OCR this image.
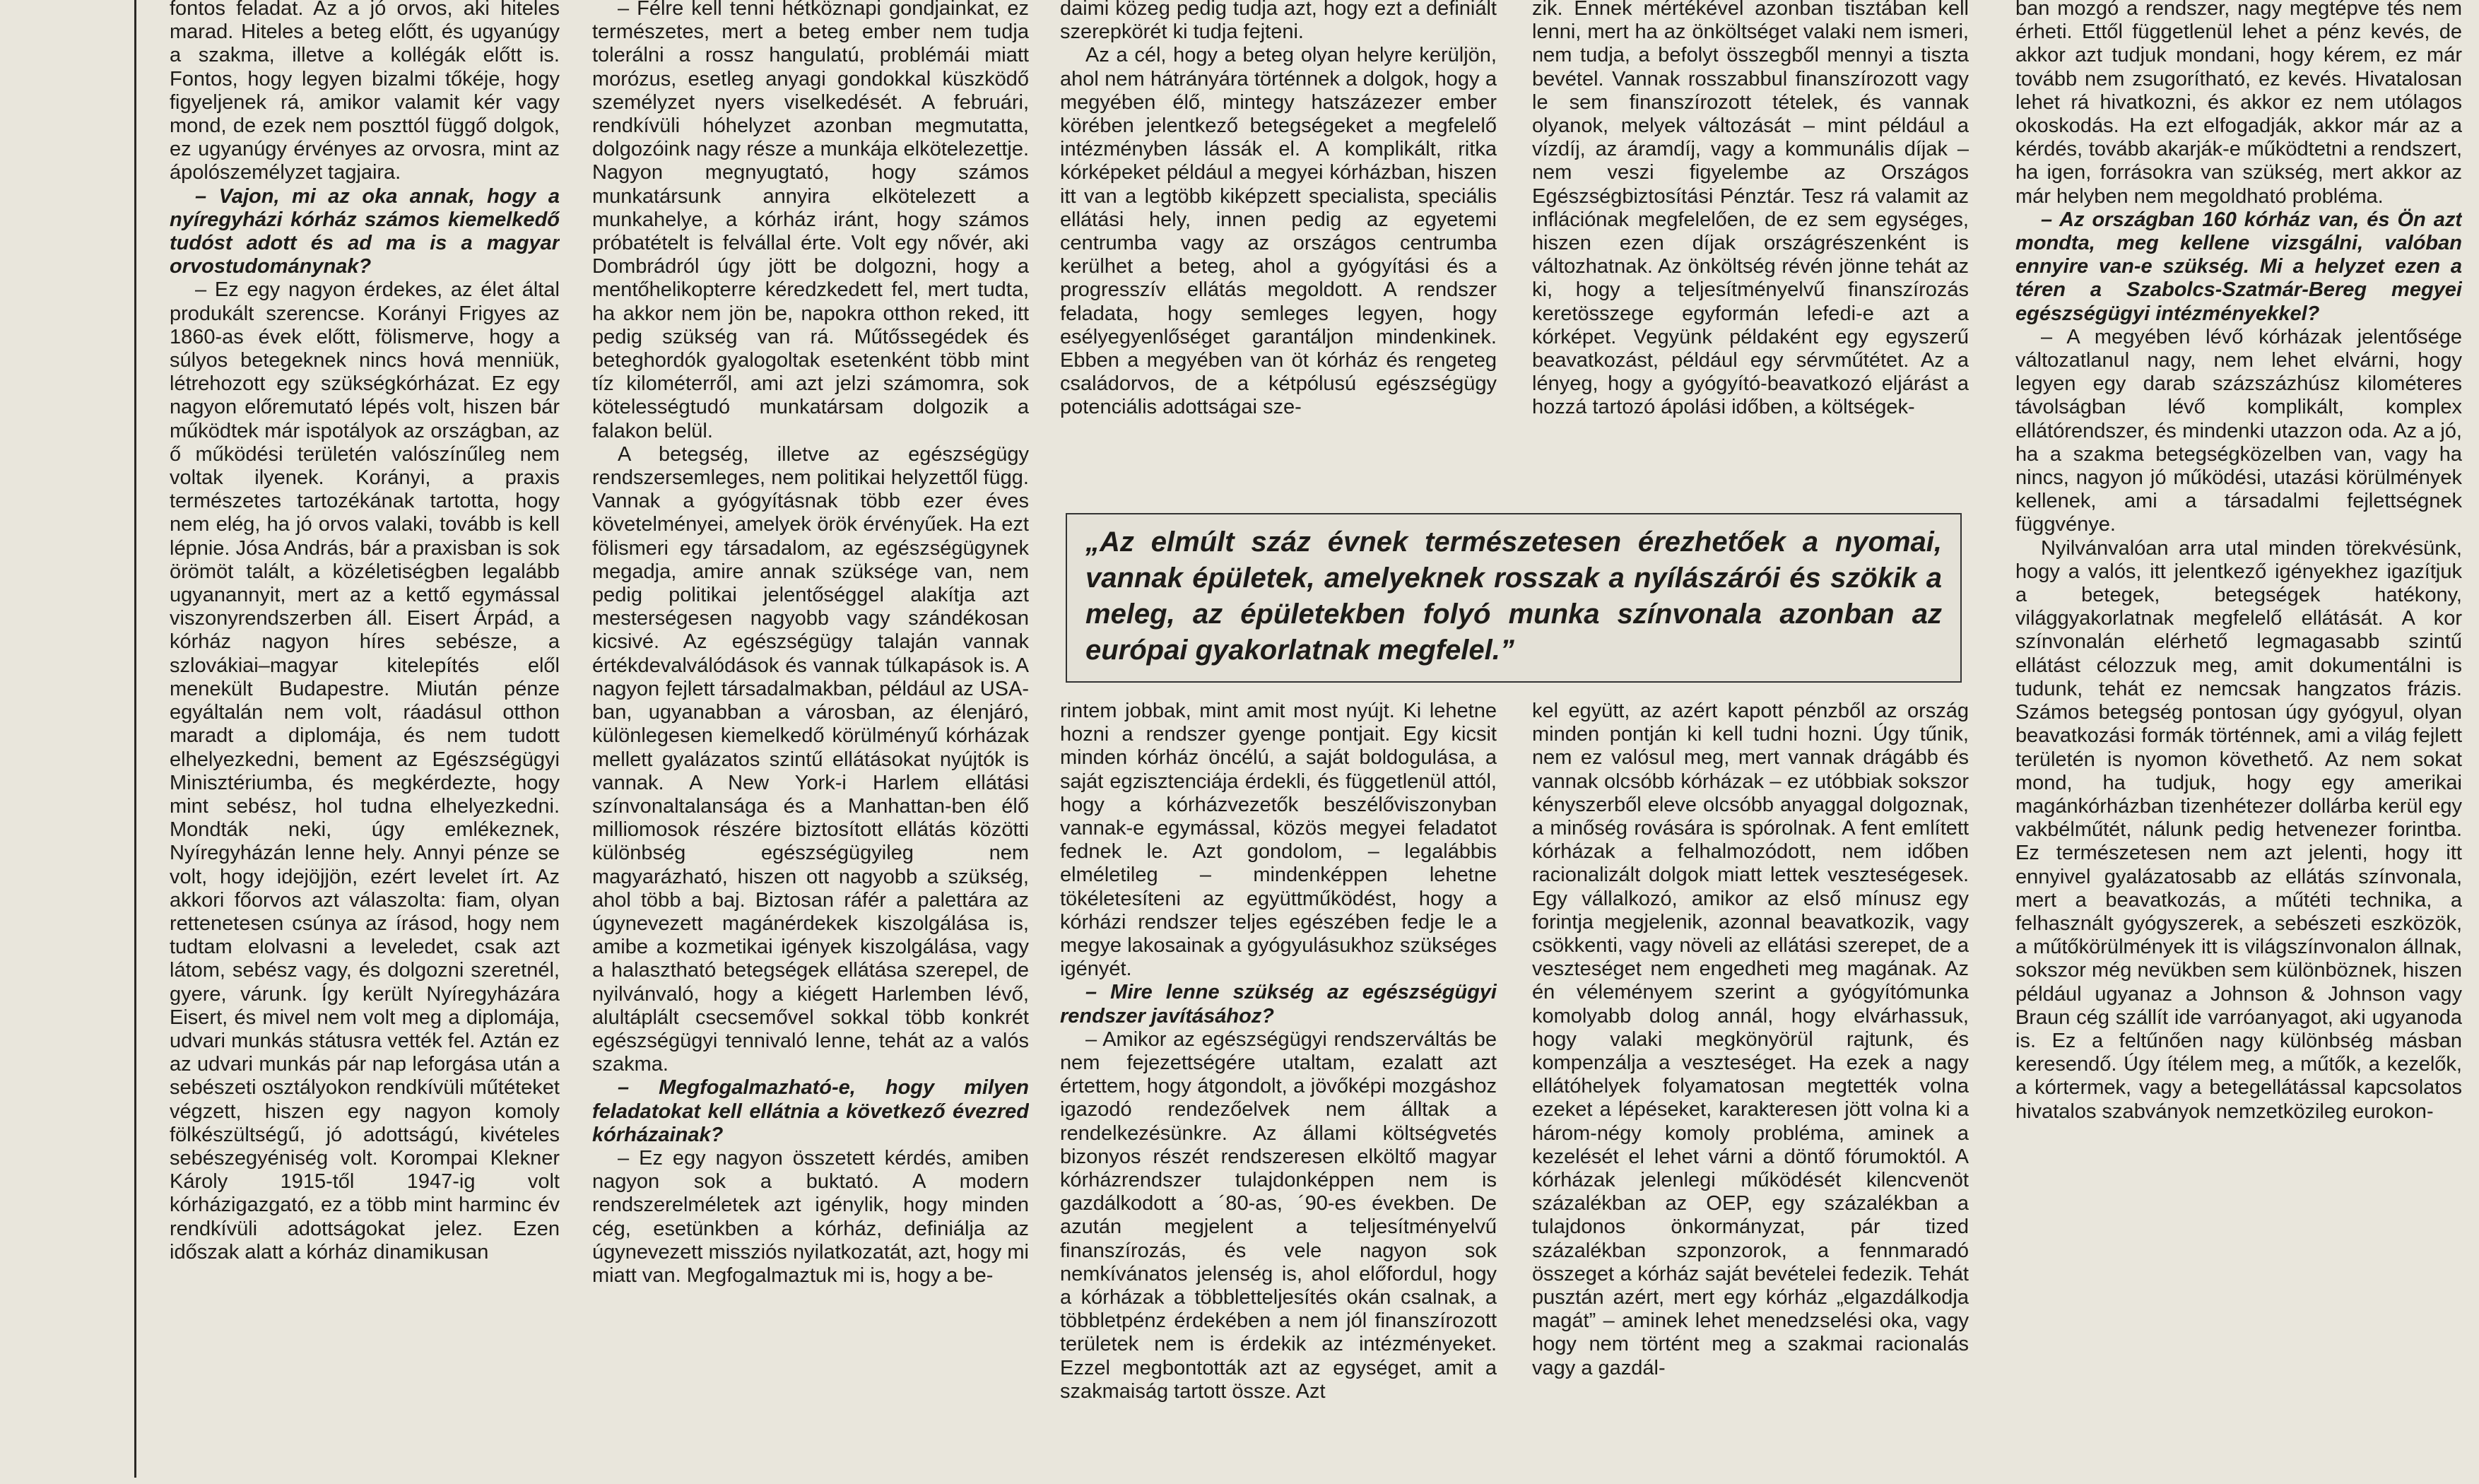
fontos feladat. Az a jó orvos, aki hiteles marad. Hiteles a beteg előtt, és ugyanúgy a szakma, illetve a kollégák előtt is. Fontos, hogy legyen bizalmi tőkéje, hogy figyeljenek rá, amikor valamit kér vagy mond, de ezek nem poszttól függő dolgok, ez ugyanúgy érvényes az orvosra, mint az ápolószemélyzet tagjaira.

– Vajon, mi az oka annak, hogy a nyíregyházi kórház számos kiemelkedő tudóst adott és ad ma is a magyar orvostudománynak?

– Ez egy nagyon érdekes, az élet által produkált szerencse. Korányi Frigyes az 1860-as évek előtt, fölismerve, hogy a súlyos betegeknek nincs hová menniük, létrehozott egy szükségkórházat. Ez egy nagyon előremutató lépés volt, hiszen bár működtek már ispotályok az országban, az ő működési területén valószínűleg nem voltak ilyenek. Korányi, a praxis természetes tartozékának tartotta, hogy nem elég, ha jó orvos valaki, tovább is kell lépnie. Jósa András, bár a praxisban is sok örömöt talált, a közéletiségben legalább ugyanannyit, mert az a kettő egymással viszonyrendszerben áll. Eisert Árpád, a kórház nagyon híres sebésze, a szlovákiai–magyar kitelepítés elől menekült Budapestre. Miután pénze egyáltalán nem volt, ráadásul otthon maradt a diplomája, és nem tudott elhelyezkedni, bement az Egészségügyi Minisztériumba, és megkérdezte, hogy mint sebész, hol tudna elhelyezkedni. Mondták neki, úgy emlékeznek, Nyíregyházán lenne hely. Annyi pénze se volt, hogy idejöjjön, ezért levelet írt. Az akkori főorvos azt válaszolta: fiam, olyan rettenetesen csúnya az írásod, hogy nem tudtam elolvasni a leveledet, csak azt látom, sebész vagy, és dolgozni szeretnél, gyere, várunk. Így került Nyíregyházára Eisert, és mivel nem volt meg a diplomája, udvari munkás státusra vették fel. Aztán ez az udvari munkás pár nap leforgása után a sebészeti osztályokon rendkívüli műtéteket végzett, hiszen egy nagyon komoly fölkészültségű, jó adottságú, kivételes sebészegyéniség volt. Korompai Klekner Károly 1915-től 1947-ig volt kórházigazgató, ez a több mint harminc év rendkívüli adottságokat jelez. Ezen időszak alatt a kórház dinamikusan

– Félre kell tenni hétköznapi gondjainkat, ez természetes, mert a beteg ember nem tudja tolerálni a rossz hangulatú, problémái miatt morózus, esetleg anyagi gondokkal küszködő személyzet nyers viselkedését. A februári, rendkívüli hóhelyzet azonban megmutatta, dolgozóink nagy része a munkája elkötelezettje. Nagyon megnyugtató, hogy számos munkatársunk annyira elkötelezett a munkahelye, a kórház iránt, hogy számos próbatételt is felvállal érte. Volt egy nővér, aki Dombrádról úgy jött be dolgozni, hogy a mentőhelikopterre kéredzkedett fel, mert tudta, ha akkor nem jön be, napokra otthon reked, itt pedig szükség van rá. Műtőssegédek és beteghordók gyalogoltak esetenként több mint tíz kilométerről, ami azt jelzi számomra, sok kötelességtudó munkatársam dolgozik a falakon belül.

A betegség, illetve az egészségügy rendszersemleges, nem politikai helyzettől függ. Vannak a gyógyításnak több ezer éves követelményei, amelyek örök érvényűek. Ha ezt fölismeri egy társadalom, az egészségügynek megadja, amire annak szüksége van, nem pedig politikai jelentőséggel alakítja azt mesterségesen nagyobb vagy szándékosan kicsivé. Az egészségügy talaján vannak értékdevalválódások és vannak túlkapások is. A nagyon fejlett társadalmakban, például az USA-ban, ugyanabban a városban, az élenjáró, különlegesen kiemelkedő körülményű kórházak mellett gyalázatos szintű ellátásokat nyújtók is vannak. A New York-i Harlem ellátási színvonaltalansága és a Manhattan-ben élő milliomosok részére biztosított ellátás közötti különbség egészségügyileg nem magyarázható, hiszen ott nagyobb a szükség, ahol több a baj. Biztosan ráfér a palettára az úgynevezett magánérdekek kiszolgálása is, amibe a kozmetikai igények kiszolgálása, vagy a halasztható betegségek ellátása szerepel, de nyilvánvaló, hogy a kiégett Harlemben lévő, alultáplált csecsemővel sokkal több konkrét egészségügyi tennivaló lenne, tehát az a valós szakma.

– Megfogalmazható-e, hogy milyen feladatokat kell ellátnia a következő évezred kórházainak?

– Ez egy nagyon összetett kérdés, amiben nagyon sok a buktató. A modern rendszerelméletek azt igénylik, hogy minden cég, esetünkben a kórház, definiálja az úgynevezett missziós nyilatkozatát, azt, hogy mi miatt van. Megfogalmaztuk mi is, hogy a be-

daimi közeg pedig tudja azt, hogy ezt a definiált szerepkörét ki tudja fejteni.

Az a cél, hogy a beteg olyan helyre kerüljön, ahol nem hátrányára történnek a dolgok, hogy a megyében élő, mintegy hatszázezer ember körében jelentkező betegségeket a megfelelő intézményben lássák el. A komplikált, ritka kórképeket például a megyei kórházban, hiszen itt van a legtöbb kiképzett specialista, speciális ellátási hely, innen pedig az egyetemi centrumba vagy az országos centrumba kerülhet a beteg, ahol a gyógyítási és a progresszív ellátás megoldott. A rendszer feladata, hogy semleges legyen, hogy esélyegyenlőséget garantáljon mindenkinek. Ebben a megyében van öt kórház és rengeteg családorvos, de a kétpólusú egészségügy potenciális adottságai sze-

zik. Ennek mértékével azonban tisztában kell lenni, mert ha az önköltséget valaki nem ismeri, nem tudja, a befolyt összegből mennyi a tiszta bevétel. Vannak rosszabbul finanszírozott vagy le sem finanszírozott tételek, és vannak olyanok, melyek változását – mint például a vízdíj, az áramdíj, vagy a kommunális díjak – nem veszi figyelembe az Országos Egészségbiztosítási Pénztár. Tesz rá valamit az inflációnak megfelelően, de ez sem egységes, hiszen ezen díjak országrészenként is változhatnak. Az önköltség révén jönne tehát az ki, hogy a teljesítményelvű finanszírozás keretösszege egyformán lefedi-e azt a kórképet. Vegyünk példaként egy egyszerű beavatkozást, például egy sérvműtétet. Az a lényeg, hogy a gyógyító-beavatkozó eljárást a hozzá tartozó ápolási időben, a költségek-

ban mozgó a rendszer, nagy megtépve tés nem érheti. Ettől függetlenül lehet a pénz kevés, de akkor azt tudjuk mondani, hogy kérem, ez már tovább nem zsugorítható, ez kevés. Hivatalosan lehet rá hivatkozni, és akkor ez nem utólagos okoskodás. Ha ezt elfogadják, akkor már az a kérdés, tovább akarják-e működtetni a rendszert, ha igen, forrásokra van szükség, mert akkor az már helyben nem megoldható probléma.

– Az országban 160 kórház van, és Ön azt mondta, meg kellene vizsgálni, valóban ennyire van-e szükség. Mi a helyzet ezen a téren a Szabolcs-Szatmár-Bereg megyei egészségügyi intézményekkel?

– A megyében lévő kórházak jelentősége változatlanul nagy, nem lehet elvárni, hogy legyen egy darab százszázhúsz kilométeres távolságban lévő komplikált, komplex ellátórendszer, és mindenki utazzon oda. Az a jó, ha a szakma betegségközelben van, vagy ha nincs, nagyon jó működési, utazási körülmények kellenek, ami a társadalmi fejlettségnek függvénye.

Nyilvánvalóan arra utal minden törekvésünk, hogy a valós, itt jelentkező igényekhez igazítjuk a betegek, betegségek hatékony, világgyakorlatnak megfelelő ellátását. A kor színvonalán elérhető legmagasabb szintű ellátást célozzuk meg, amit dokumentálni is tudunk, tehát ez nemcsak hangzatos frázis. Számos betegség pontosan úgy gyógyul, olyan beavatkozási formák történnek, ami a világ fejlett területén is nyomon követhető. Az nem sokat mond, ha tudjuk, hogy egy amerikai magánkórházban tizenhétezer dollárba kerül egy vakbélműtét, nálunk pedig hetvenezer forintba. Ez természetesen nem azt jelenti, hogy itt ennyivel gyalázatosabb az ellátás színvonala, mert a beavatkozás, a műtéti technika, a felhasznált gyógyszerek, a sebészeti eszközök, a műtőkörülmények itt is világszínvonalon állnak, sokszor még nevükben sem különböznek, hiszen például ugyanaz a Johnson & Johnson vagy Braun cég szállít ide varróanyagot, aki ugyanoda is. Ez a feltűnően nagy különbség másban keresendő. Úgy ítélem meg, a műtők, a kezelők, a kórtermek, vagy a betegellátással kapcsolatos hivatalos szabványok nemzetközileg eurokon-

rintem jobbak, mint amit most nyújt. Ki lehetne hozni a rendszer gyenge pontjait. Egy kicsit minden kórház öncélú, a saját boldogulása, a saját egzisztenciája érdekli, és függetlenül attól, hogy a kórházvezetők beszélőviszonyban vannak-e egymással, közös megyei feladatot fednek le. Azt gondolom, – legalábbis elméletileg – mindenképpen lehetne tökéletesíteni az együttműködést, hogy a kórházi rendszer teljes egészében fedje le a megye lakosainak a gyógyulásukhoz szükséges igényét.

– Mire lenne szükség az egészségügyi rendszer javításához?

– Amikor az egészségügyi rendszerváltás be nem fejezettségére utaltam, ezalatt azt értettem, hogy átgondolt, a jövőképi mozgáshoz igazodó rendezőelvek nem álltak a rendelkezésünkre. Az állami költségvetés bizonyos részét rendszeresen elköltő magyar kórházrendszer tulajdonképpen nem is gazdálkodott a ´80-as, ´90-es években. De azután megjelent a teljesítményelvű finanszírozás, és vele nagyon sok nemkívánatos jelenség is, ahol előfordul, hogy a kórházak a többletteljesítés okán csalnak, a többletpénz érdekében a nem jól finanszírozott területek nem is érdekik az intézményeket. Ezzel megbontották azt az egységet, amit a szakmaiság tartott össze. Azt

kel együtt, az azért kapott pénzből az ország minden pontján ki kell tudni hozni. Úgy tűnik, nem ez valósul meg, mert vannak drágább és vannak olcsóbb kórházak – ez utóbbiak sokszor kényszerből eleve olcsóbb anyaggal dolgoznak, a minőség rovására is spórolnak. A fent említett kórházak a felhalmozódott, nem időben racionalizált dolgok miatt lettek veszteségesek. Egy vállalkozó, amikor az első mínusz egy forintja megjelenik, azonnal beavatkozik, vagy csökkenti, vagy növeli az ellátási szerepet, de a veszteséget nem engedheti meg magának. Az én véleményem szerint a gyógyítómunka komolyabb dolog annál, hogy elvárhassuk, hogy valaki megkönyörül rajtunk, és kompenzálja a veszteséget. Ha ezek a nagy ellátóhelyek folyamatosan megtették volna ezeket a lépéseket, karakteresen jött volna ki a három-négy komoly probléma, aminek a kezelését el lehet várni a döntő fórumoktól. A kórházak jelenlegi működését kilencvenöt százalékban az OEP, egy százalékban a tulajdonos önkormányzat, pár tized százalékban szponzorok, a fennmaradó összeget a kórház saját bevételei fedezik. Tehát pusztán azért, mert egy kórház „elgazdálkodja magát” – aminek lehet menedzselési oka, vagy hogy nem történt meg a szakmai racionalás vagy a gazdál-

„Az elmúlt száz évnek természetesen érezhetőek a nyomai, vannak épületek, amelyeknek rosszak a nyílászárói és szökik a meleg, az épületekben folyó munka színvonala azonban az európai gyakorlatnak megfelel.”
